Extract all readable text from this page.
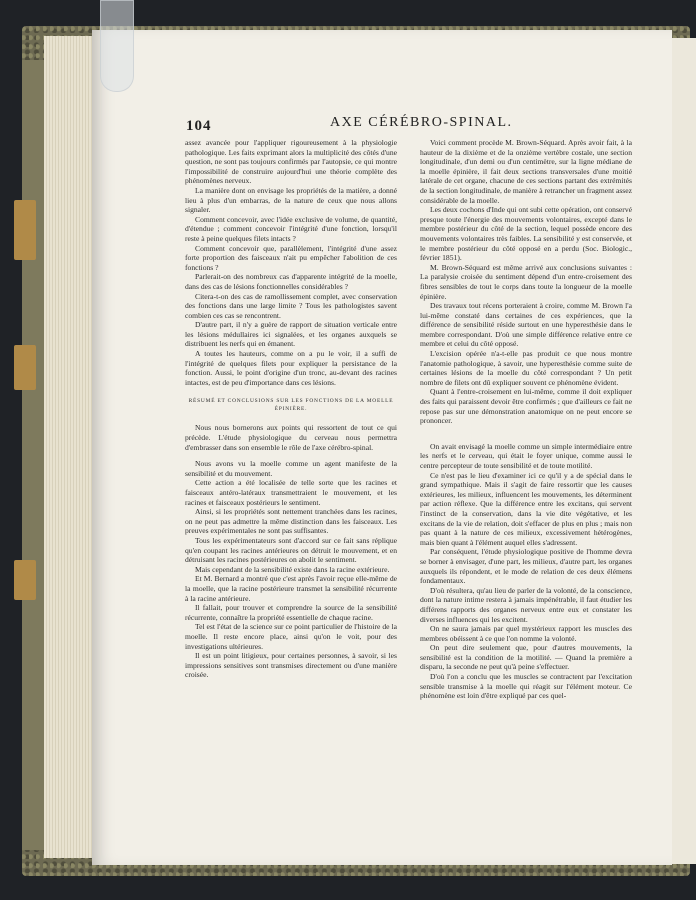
104	AXE CÉRÉBRO-SPINAL.

assez avancée pour l'appliquer rigoureusement à la physiologie pathologique. Les faits exprimant alors la multiplicité des côtés d'une question, ne sont pas toujours confirmés par l'autopsie, ce qui montre l'impossibilité de construire aujourd'hui une théorie complète des phénomènes nerveux.

La manière dont on envisage les propriétés de la matière, a donné lieu à plus d'un embarras, de la nature de ceux que nous allons signaler.

Comment concevoir, avec l'idée exclusive de volume, de quantité, d'étendue ; comment concevoir l'intégrité d'une fonction, lorsqu'il reste à peine quelques filets intacts ?

Comment concevoir que, parallèlement, l'intégrité d'une assez forte proportion des faisceaux n'ait pu empêcher l'abolition de ces fonctions ?

Parlerait-on des nombreux cas d'apparente intégrité de la moelle, dans des cas de lésions fonctionnelles considérables ?

Citera-t-on des cas de ramollissement complet, avec conservation des fonctions dans une large limite ? Tous les pathologistes savent combien ces cas se rencontrent.

D'autre part, il n'y a guère de rapport de situation verticale entre les lésions médullaires ici signalées, et les organes auxquels se distribuent les nerfs qui en émanent.

A toutes les hauteurs, comme on a pu le voir, il a suffi de l'intégrité de quelques filets pour expliquer la persistance de la fonction. Aussi, le point d'origine d'un tronc, au-devant des racines intactes, est de peu d'importance dans ces lésions.

RÉSUMÉ ET CONCLUSIONS SUR LES FONCTIONS DE LA MOELLE ÉPINIÈRE.

Nous nous bornerons aux points qui ressortent de tout ce qui précède. L'étude physiologique du cerveau nous permettra d'embrasser dans son ensemble le rôle de l'axe cérébro-spinal.

Nous avons vu la moelle comme un agent manifeste de la sensibilité et du mouvement.

Cette action a été localisée de telle sorte que les racines et faisceaux antéro-latéraux transmettraient le mouvement, et les racines et faisceaux postérieurs le sentiment.

Ainsi, si les propriétés sont nettement tranchées dans les racines, on ne peut pas admettre la même distinction dans les faisceaux. Les preuves expérimentales ne sont pas suffisantes.

Tous les expérimentateurs sont d'accord sur ce fait sans réplique qu'en coupant les racines antérieures on détruit le mouvement, et en détruisant les racines postérieures on abolit le sentiment.

Mais cependant de la sensibilité existe dans la racine extérieure.

Et M. Bernard a montré que c'est après l'avoir reçue elle-même de la moelle, que la racine postérieure transmet la sensibilité récurrente à la racine antérieure.

Il fallait, pour trouver et comprendre la source de la sensibilité récurrente, connaître la propriété essentielle de chaque racine.

Tel est l'état de la science sur ce point particulier de l'histoire de la moelle. Il reste encore place, ainsi qu'on le voit, pour des investigations ultérieures.

Il est un point litigieux, pour certaines personnes, à savoir, si les impressions sensitives sont transmises directement ou d'une manière croisée.

Voici comment procède M. Brown-Séquard. Après avoir fait, à la hauteur de la dixième et de la onzième vertèbre costale, une section longitudinale, d'un demi ou d'un centimètre, sur la ligne médiane de la moelle épinière, il fait deux sections transversales d'une moitié latérale de cet organe, chacune de ces sections partant des extrémités de la section longitudinale, de manière à retrancher un fragment assez considérable de la moelle.

Les deux cochons d'Inde qui ont subi cette opération, ont conservé presque toute l'énergie des mouvements volontaires, excepté dans le membre postérieur du côté de la section, lequel possède encore des mouvements volontaires très faibles. La sensibilité y est conservée, et le membre postérieur du côté opposé en a perdu (Soc. Biologic., février 1851).

M. Brown-Séquard est même arrivé aux conclusions suivantes : La paralysie croisée du sentiment dépend d'un entre-croisement des fibres sensibles de tout le corps dans toute la longueur de la moelle épinière.

Des travaux tout récens porteraient à croire, comme M. Brown l'a lui-même constaté dans certaines de ces expériences, que la différence de sensibilité réside surtout en une hyperesthésie dans le membre correspondant. D'où une simple différence relative entre ce membre et celui du côté opposé.

L'excision opérée n'a-t-elle pas produit ce que nous montre l'anatomie pathologique, à savoir, une hyperesthésie comme suite de certaines lésions de la moelle du côté correspondant ? Un petit nombre de filets ont dû expliquer souvent ce phénomène évident.

Quant à l'entre-croisement en lui-même, comme il doit expliquer des faits qui paraissent devoir être confirmés ; que d'ailleurs ce fait ne repose pas sur une démonstration anatomique on ne peut encore se prononcer.

On avait envisagé la moelle comme un simple intermédiaire entre les nerfs et le cerveau, qui était le foyer unique, comme aussi le centre percepteur de toute sensibilité et de toute motilité.

Ce n'est pas le lieu d'examiner ici ce qu'il y a de spécial dans le grand sympathique. Mais il s'agit de faire ressortir que les causes extérieures, les milieux, influencent les mouvements, les déterminent par action réflexe. Que la différence entre les excitans, qui servent l'instinct de la conservation, dans la vie dite végétative, et les excitans de la vie de relation, doit s'effacer de plus en plus ; mais non pas quant à la nature de ces milieux, excessivement hétérogènes, mais bien quant à l'élément auquel elles s'adressent.

Par conséquent, l'étude physiologique positive de l'homme devra se borner à envisager, d'une part, les milieux, d'autre part, les organes auxquels ils répondent, et le mode de relation de ces deux élémens fondamentaux.

D'où résultera, qu'au lieu de parler de la volonté, de la conscience, dont la nature intime restera à jamais impénétrable, il faut étudier les différens rapports des organes nerveux entre eux et constater les diverses influences qui les excitent.

On ne saura jamais par quel mystérieux rapport les muscles des membres obéissent à ce que l'on nomme la volonté.

On peut dire seulement que, pour d'autres mouvements, la sensibilité est la condition de la motilité. — Quand la première a disparu, la seconde ne peut qu'à peine s'effectuer.

D'où l'on a conclu que les muscles se contractent par l'excitation sensible transmise à la moelle qui réagit sur l'élément moteur. Ce phénomène est loin d'être expliqué par ces quel-
